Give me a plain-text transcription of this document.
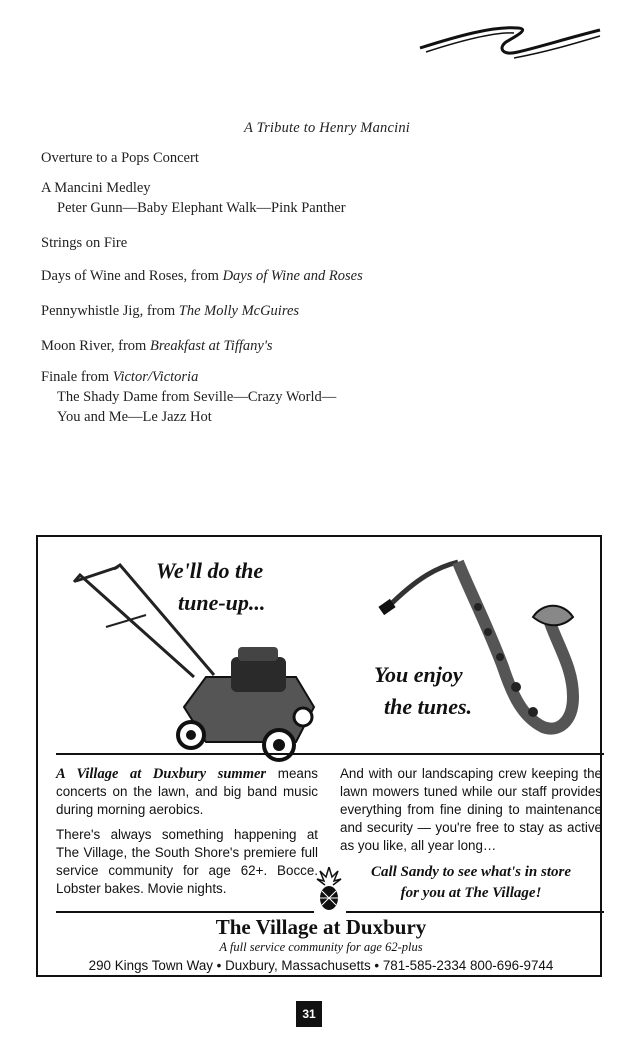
A Tribute to Henry Mancini
Overture to a Pops Concert
A Mancini Medley
Peter Gunn—Baby Elephant Walk—Pink Panther
Strings on Fire
Days of Wine and Roses, from Days of Wine and Roses
Pennywhistle Jig, from The Molly McGuires
Moon River, from Breakfast at Tiffany's
Finale from Victor/Victoria
The Shady Dame from Seville—Crazy World—
You and Me—Le Jazz Hot
We'll do the
tune-up...
You enjoy
the tunes.

A Village at Duxbury summer means concerts on the lawn, and big band music during morning aerobics.

There's always something happening at The Village, the South Shore's premiere full service community for age 62+. Bocce. Lobster bakes. Movie nights.

And with our landscaping crew keeping the lawn mowers tuned while our staff provides everything from fine dining to maintenance and security — you're free to stay as active as you like, all year long…

Call Sandy to see what's in store
for you at The Village!
The Village at Duxbury
A full service community for age 62-plus
290 Kings Town Way • Duxbury, Massachusetts • 781-585-2334 800-696-9744
31
